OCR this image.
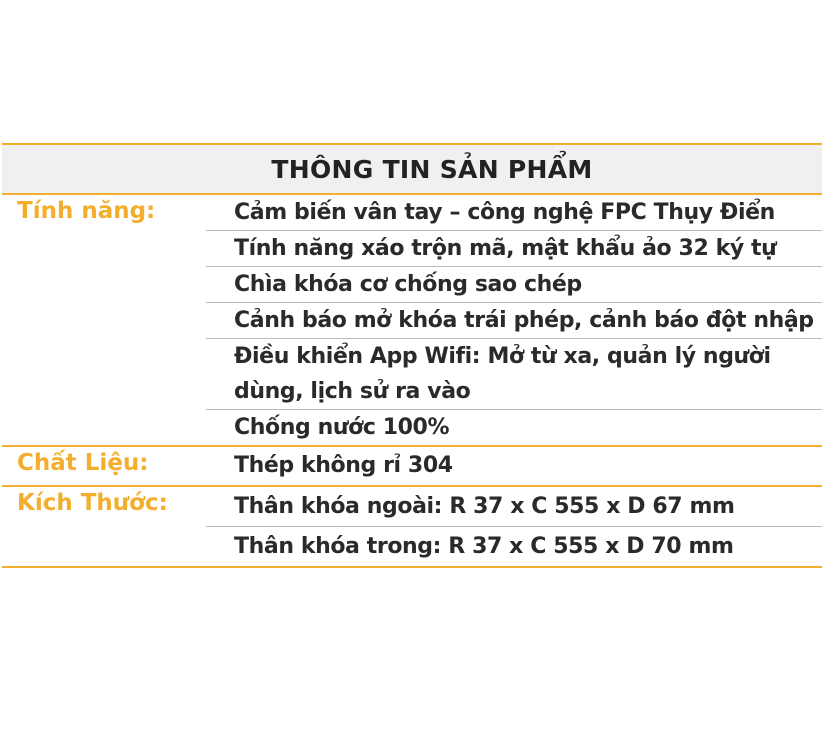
THÔNG TIN SẢN PHẨM
Tính năng:	Cảm biến vân tay – công nghệ FPC Thụy Điển
Tính năng xáo trộn mã, mật khẩu ảo 32 ký tự
Chìa khóa cơ chống sao chép
Cảnh báo mở khóa trái phép, cảnh báo đột nhập
Điều khiển App Wifi: Mở từ xa, quản lý người
dùng, lịch sử ra vào
Chống nước 100%
Chất Liệu:	Thép không rỉ 304
Kích Thước:	Thân khóa ngoài: R 37 x C 555 x D 67 mm
Thân khóa trong: R 37 x C 555 x D 70 mm
